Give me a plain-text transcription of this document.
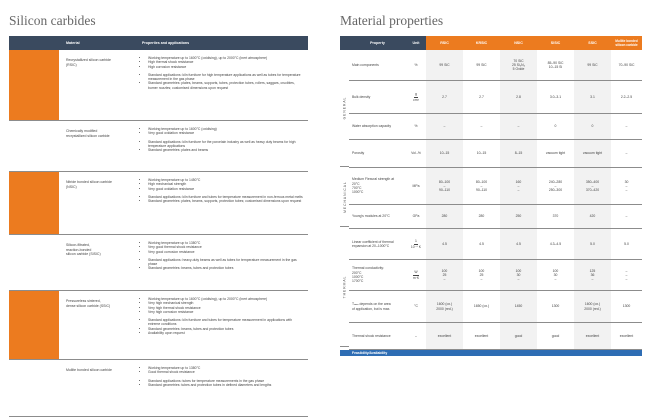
Silicon carbides	Material properties
Material	Properties and applications
Recrystallized silicon carbide
(RSIC)
• Working temperature up to 1600°C (oxidising), up to 2000°C (inert atmosphere)
• High thermal shock resistance
• High corrosion resistance
• Standard applications: kiln furniture for high temperature applications as well as tubes for temperature measurement in the gas phase
• Standard geometries: plates, beams, supports, tubes, protection tubes, rollers, saggars, crucibles, burner nozzles; customised dimensions upon request
Chemically modified
recrystallized silicon carbide
• Working temperature up to 1600°C (oxidising)
• Very good oxidation resistance
• Standard applications: kiln furniture for the porcelain industry as well as heavy duty beams for high temperature applications
• Standard geometries: plates and beams
Nitride bonded silicon carbide
(NSIC)
• Working temperature up to 1450°C
• High mechanical strength
• Very good oxidation resistance
• Standard applications: kiln furniture and tubes for temperature measurement in non-ferrous metal melts
• Standard geometries: plates, beams, supports, protection tubes; customised dimensions upon request
Silicon-filtrated,
reaction-bonded
silicon carbide (SISIC)
• Working temperature up to 1380°C
• Very good thermal shock resistance
• Very good corrosion resistance
• Standard applications: heavy-duty beams as well as tubes for temperature measurement in the gas phase
• Standard geometries: beams, tubes and protection tubes
Pressureless sintered,
dense silicon carbide (SSIC)
• Working temperature up to 1600°C (oxidising), up to 2000°C (inert atmosphere)
• Very high mechanical strength
• Very high thermal shock resistance
• Very high corrosion resistance
• Standard applications: kiln furniture and tubes for temperature measurement in applications with extreme conditions
• Standard geometries: beams, tubes and protection tubes
• Availability upon request
Mullite bonded silicon carbide
•	Working temperature up to 1380°C
• Good thermal shock resistance
• Standard applications: tubes for temperature measurements in the gas phase
• Standard geometries: tubes and protection tubes in defined diameters and lengths
Property	Unit	RSIC	KRSIC	NSIC	SISIC	SSIC	Mullite bonded silicon carbide
GENERAL
MECHANICAL
THERMAL
Main components	%	99 SiC	99 SiC
70 SiC
25 Si₃N₄
5 Oxide
85–90 SiC
10–15 Si
99 SiC	70–90 SiC
Bulk density	$\frac{g}{\text{cm³}}$	2.7	2.7	2.8	3.0–3.1	3.1	2.2–2.5
Water absorption capacity	%	–	–	–	0	0	–
Porosity	Vol.-%	10–15	10–15	8–15	vacuum tight	vacuum tight	–
Medium Flexural strength at
20°C
700°C
1000°C
MPa
80–100
–
90–110
80–100
–
90–110
160
–
–
240–280
–
250–300
350–400
–
370–420
30
–
–
Young's modules at 20°C	GPa	280	280	250	370	420	–
Linear coefficient of thermal
expansion at 20–1000°C	$\frac{1}{\text{10⁻⁶ K}}$	4.5	4.5	4.5	4.3–4.5	5.0	5.0
Thermal conductivity:
200°C
1000°C
1700°C
$\frac{W}{m\cdot K}$	100
25
–
100
25
–
100
30
–
100
30
–
125
36
–
–
–
–
Tₘₐₓ depends on the area
of application, but is max.
°C
1600 (ox.)
2000 (red.)
1650 (ox.)	1450	1300
1600 (ox.)
2000 (red.)
1300
Thermal shock resistance	–	excellent	excellent	good	good	excellent	excellent
Feasibility/Availability
